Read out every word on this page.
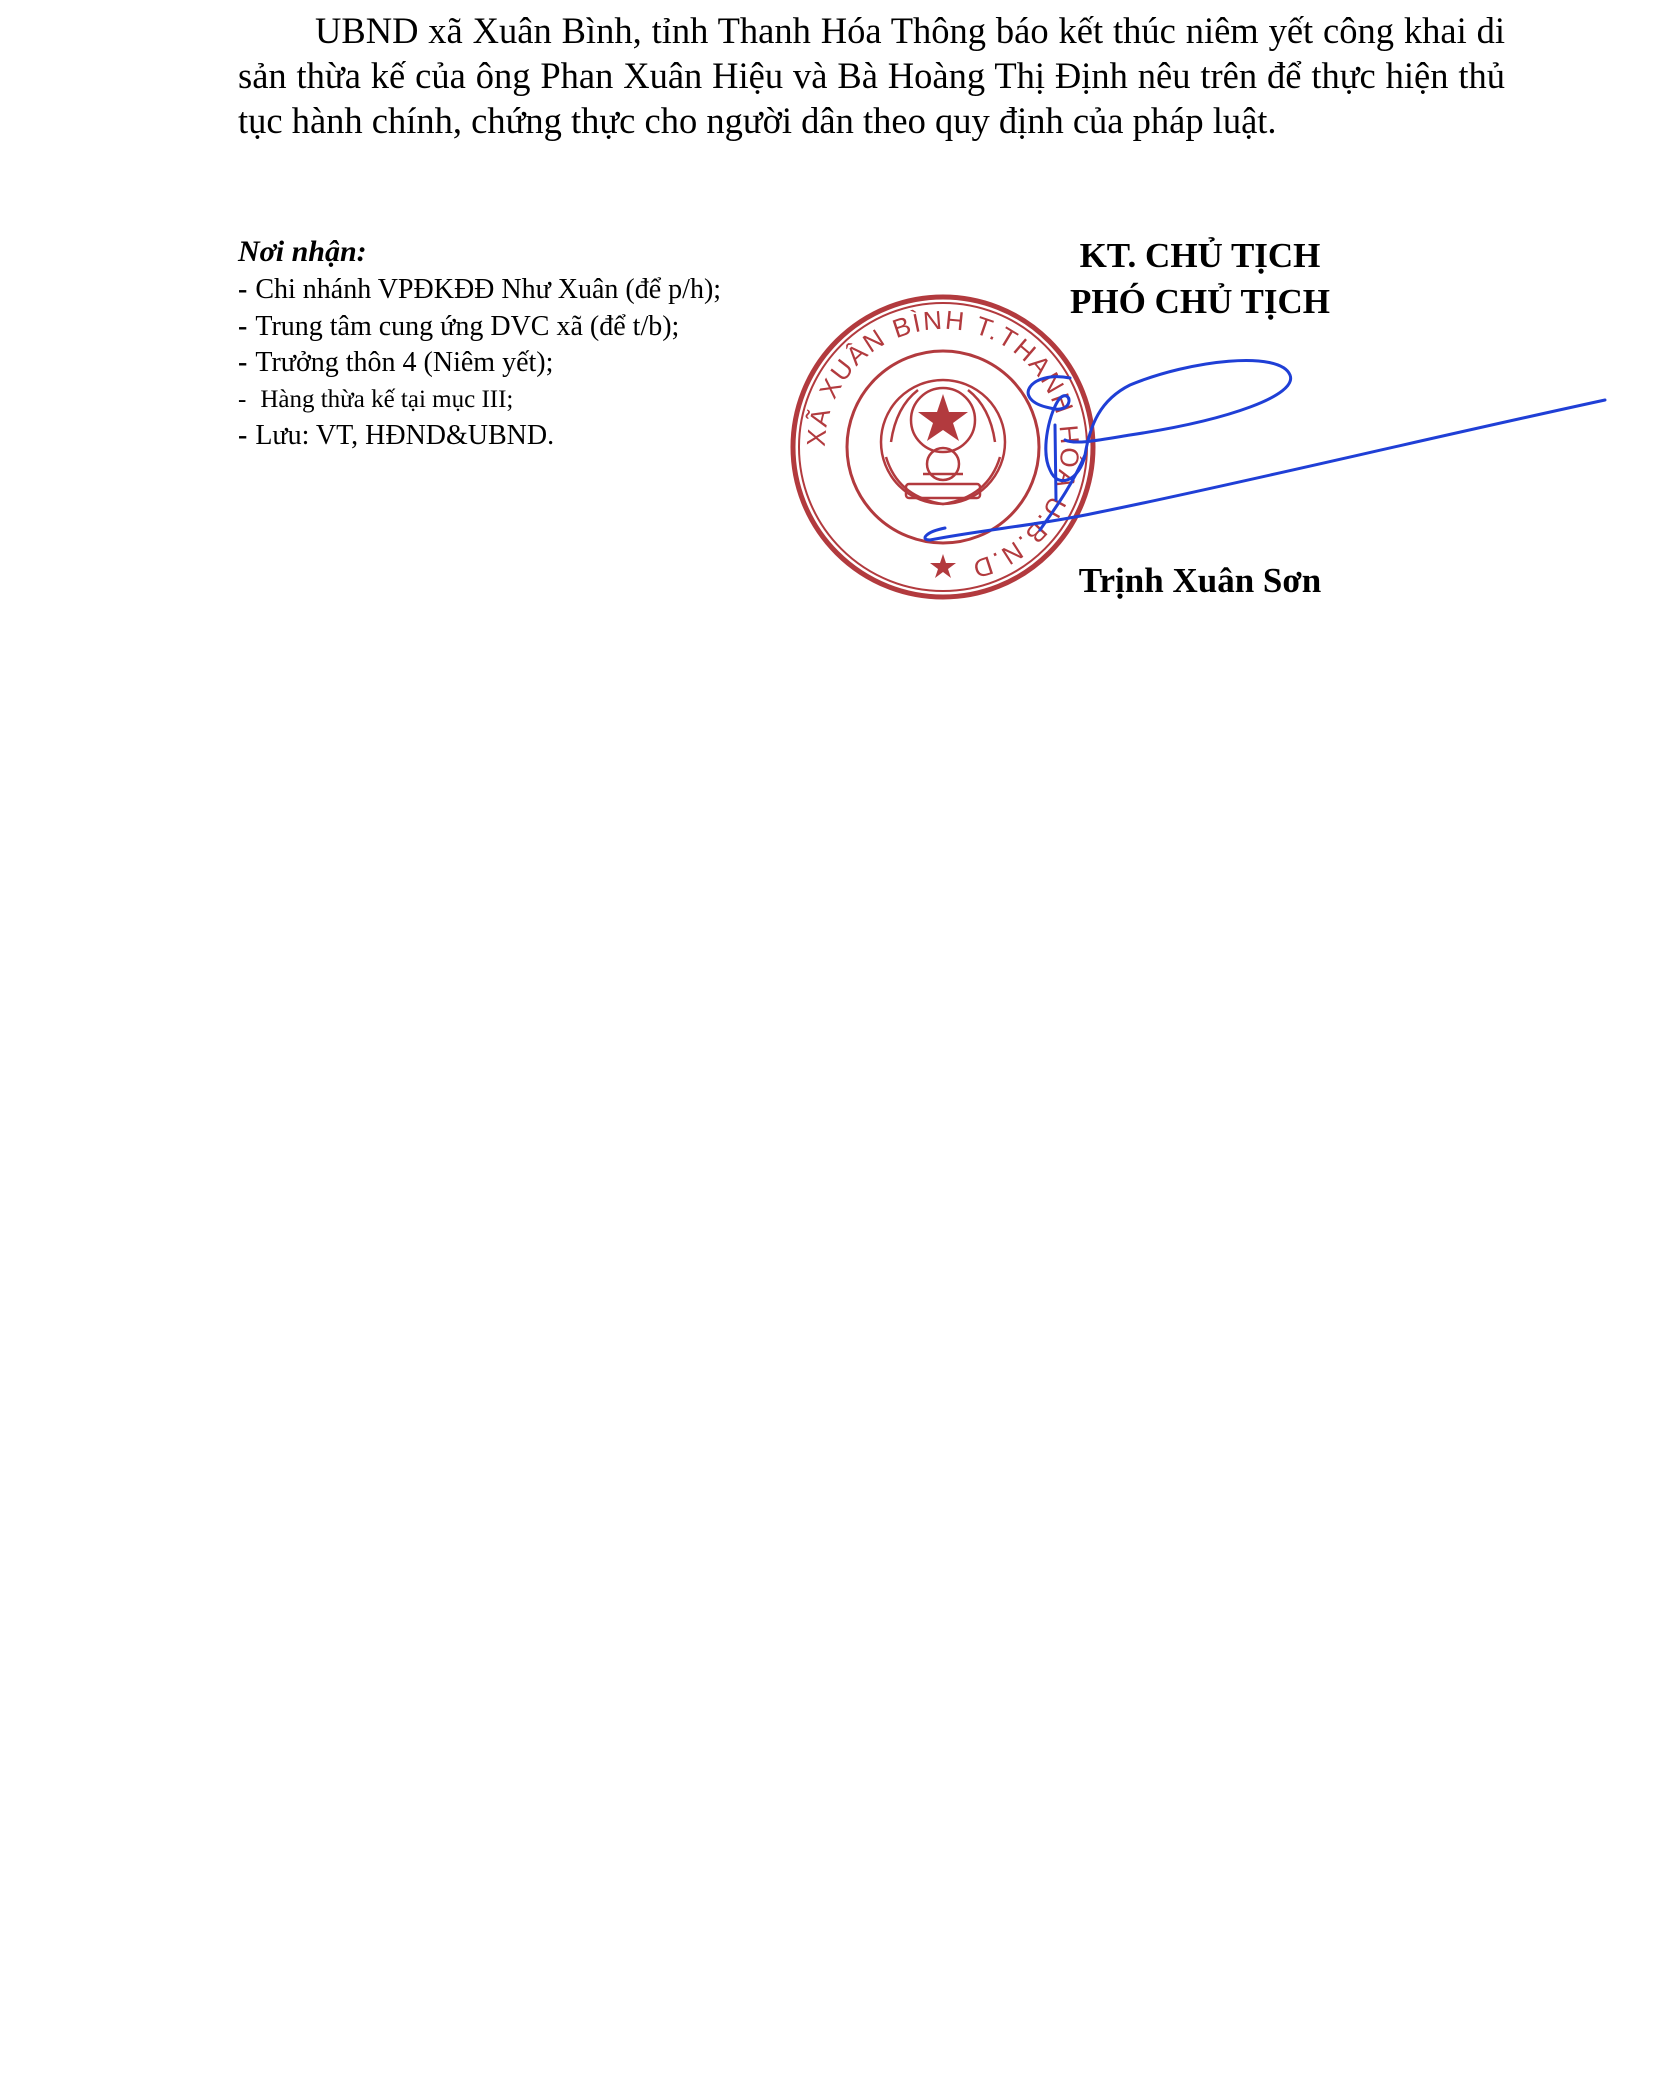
UBND xã Xuân Bình, tỉnh Thanh Hóa Thông báo kết thúc niêm yết công khai di sản thừa kế của ông Phan Xuân Hiệu và Bà Hoàng Thị Định nêu trên để thực hiện thủ tục hành chính, chứng thực cho người dân theo quy định của pháp luật.

Nơi nhận:

- Chi nhánh VPĐKĐĐ Như Xuân (để p/h);
- Trung tâm cung ứng DVC xã (để t/b);
- Trưởng thôn 4 (Niêm yết);
- Hàng thừa kế tại mục III;
- Lưu: VT, HĐND&UBND.
KT. CHỦ TỊCH
PHÓ CHỦ TỊCH
XÃ XUÂN BÌNH T.THANH HÓA U.B.N.D	Trịnh Xuân Sơn
